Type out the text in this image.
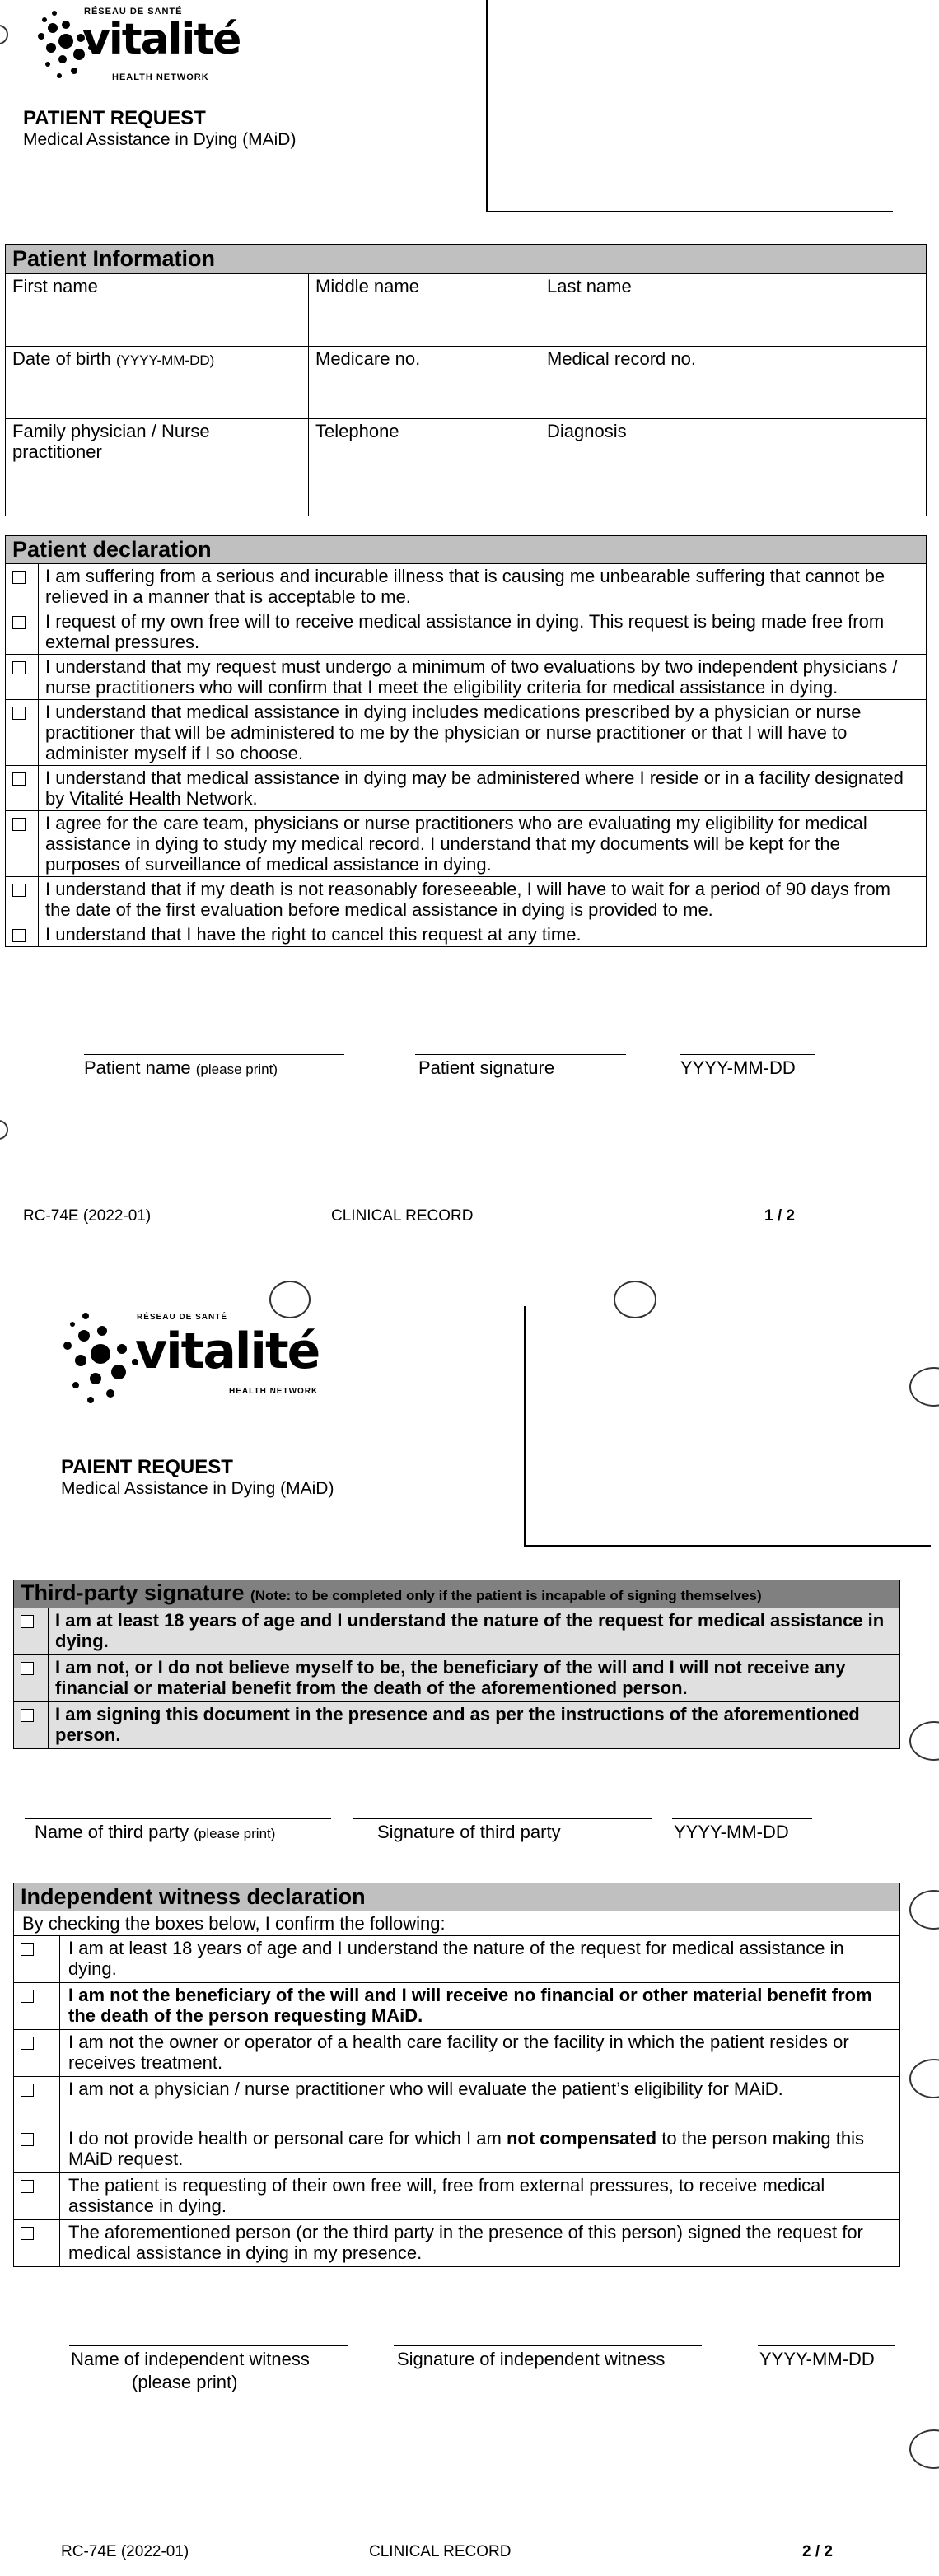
RÉSEAU DE SANTÉ
vitalité
HEALTH NETWORK
PATIENT REQUEST
Medical Assistance in Dying (MAiD)
Patient Information		
First name	Middle name	Last name
Date of birth (YYYY-MM-DD)	Medicare no.	Medical record no.
Family physician / Nurse practitioner	Telephone	Diagnosis
Patient declaration	
	I am suffering from a serious and incurable illness that is causing me unbearable suffering that cannot be relieved in a manner that is acceptable to me.
	I request of my own free will to receive medical assistance in dying. This request is being made free from external pressures.
	I understand that my request must undergo a minimum of two evaluations by two independent physicians / nurse practitioners who will confirm that I meet the eligibility criteria for medical assistance in dying.
	I understand that medical assistance in dying includes medications prescribed by a physician or nurse practitioner that will be administered to me by the physician or nurse practitioner or that I will have to administer myself if I so choose.
	I understand that medical assistance in dying may be administered where I reside or in a facility designated by Vitalité Health Network.
	I agree for the care team, physicians or nurse practitioners who are evaluating my eligibility for medical assistance in dying to study my medical record. I understand that my documents will be kept for the purposes of surveillance of medical assistance in dying.
	I understand that if my death is not reasonably foreseeable, I will have to wait for a period of 90 days from the date of the first evaluation before medical assistance in dying is provided to me.
	I understand that I have the right to cancel this request at any time.
Patient name (please print)	Patient signature	YYYY-MM-DD
RC-74E (2022-01)	CLINICAL RECORD	1 / 2
RÉSEAU DE SANTÉ
vitalité
HEALTH NETWORK
PAIENT REQUEST
Medical Assistance in Dying (MAiD)
Third-party signature (Note: to be completed only if the patient is incapable of signing themselves)	
	I am at least 18 years of age and I understand the nature of the request for medical assistance in dying.
	I am not, or I do not believe myself to be, the beneficiary of the will and I will not receive any financial or material benefit from the death of the aforementioned person.
	I am signing this document in the presence and as per the instructions of the aforementioned person.
Name of third party (please print)	Signature of third party	YYYY-MM-DD
Independent witness declaration	
By checking the boxes below, I confirm the following:	
	I am at least 18 years of age and I understand the nature of the request for medical assistance in dying.
	I am not the beneficiary of the will and I will receive no financial or other material benefit from the death of the person requesting MAiD.
	I am not the owner or operator of a health care facility or the facility in which the patient resides or receives treatment.
	I am not a physician / nurse practitioner who will evaluate the patient’s eligibility for MAiD.
	I do not provide health or personal care for which I am not compensated to the person making this MAiD request.
	The patient is requesting of their own free will, free from external pressures, to receive medical assistance in dying.
	The aforementioned person (or the third party in the presence of this person) signed the request for medical assistance in dying in my presence.
Name of independent witness
(please print)
Signature of independent witness	YYYY-MM-DD
RC-74E (2022-01)	CLINICAL RECORD	2 / 2
